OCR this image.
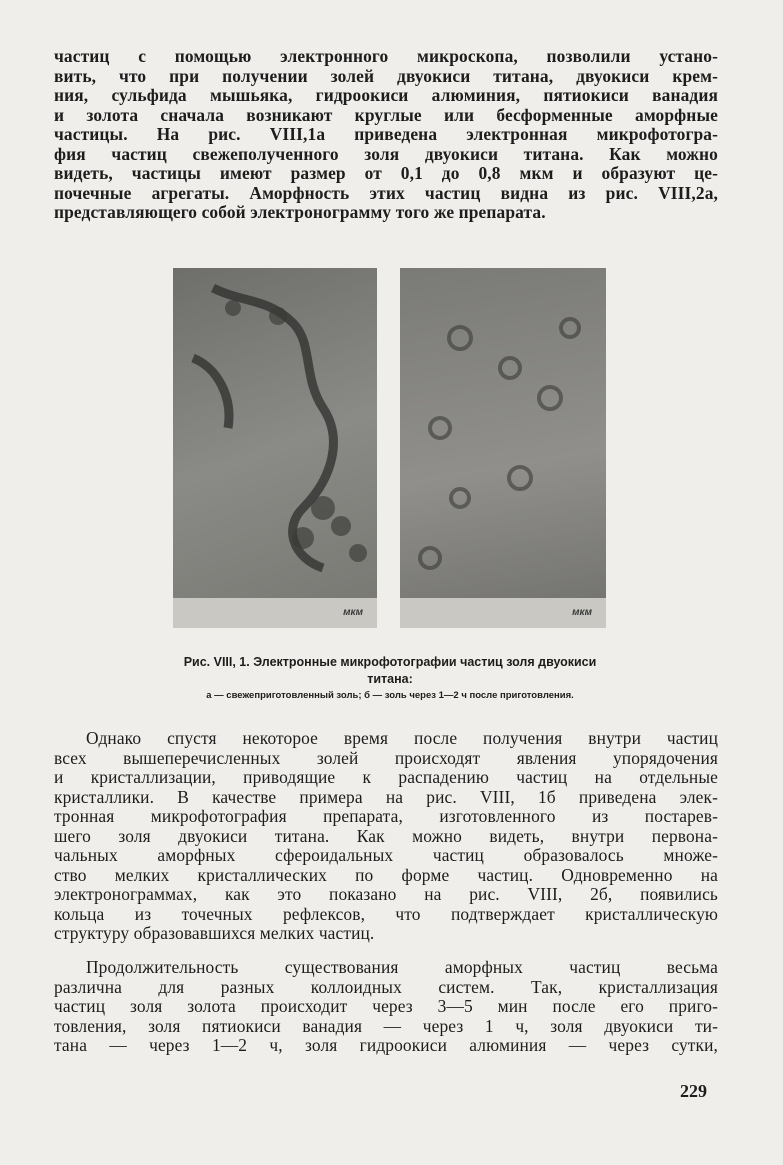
частиц с помощью электронного микроскопа, позволили устано-
вить, что при получении золей двуокиси титана, двуокиси крем-
ния, сульфида мышьяка, гидроокиси алюминия, пятиокиси ванадия
и золота сначала возникают круглые или бесформенные аморфные
частицы. На рис. VIII,1а приведена электронная микрофотогра-
фия частиц свежеполученного золя двуокиси титана. Как можно
видеть, частицы имеют размер от 0,1 до 0,8 мкм и образуют це-
почечные агрегаты. Аморфность этих частиц видна из рис. VIII,2а,
представляющего собой электронограмму того же препарата.
мкм	мкм
Рис. VIII, 1. Электронные микрофотографии частиц золя двуокиси
титана:
а — свежеприготовленный золь; б — золь через 1—2 ч после приготовления.
Однако спустя некоторое время после получения внутри частиц
всех вышеперечисленных золей происходят явления упорядочения
и кристаллизации, приводящие к распадению частиц на отдельные
кристаллики. В качестве примера на рис. VIII, 1б приведена элек-
тронная микрофотография препарата, изготовленного из постарев-
шего золя двуокиси титана. Как можно видеть, внутри первона-
чальных аморфных сфероидальных частиц образовалось множе-
ство мелких кристаллических по форме частиц. Одновременно на
электронограммах, как это показано на рис. VIII, 2б, появились
кольца из точечных рефлексов, что подтверждает кристаллическую
структуру образовавшихся мелких частиц.
Продолжительность существования аморфных частиц весьма
различна для разных коллоидных систем. Так, кристаллизация
частиц золя золота происходит через 3—5 мин после его приго-
товления, золя пятиокиси ванадия — через 1 ч, золя двуокиси ти-
тана — через 1—2 ч, золя гидроокиси алюминия — через сутки,
229
